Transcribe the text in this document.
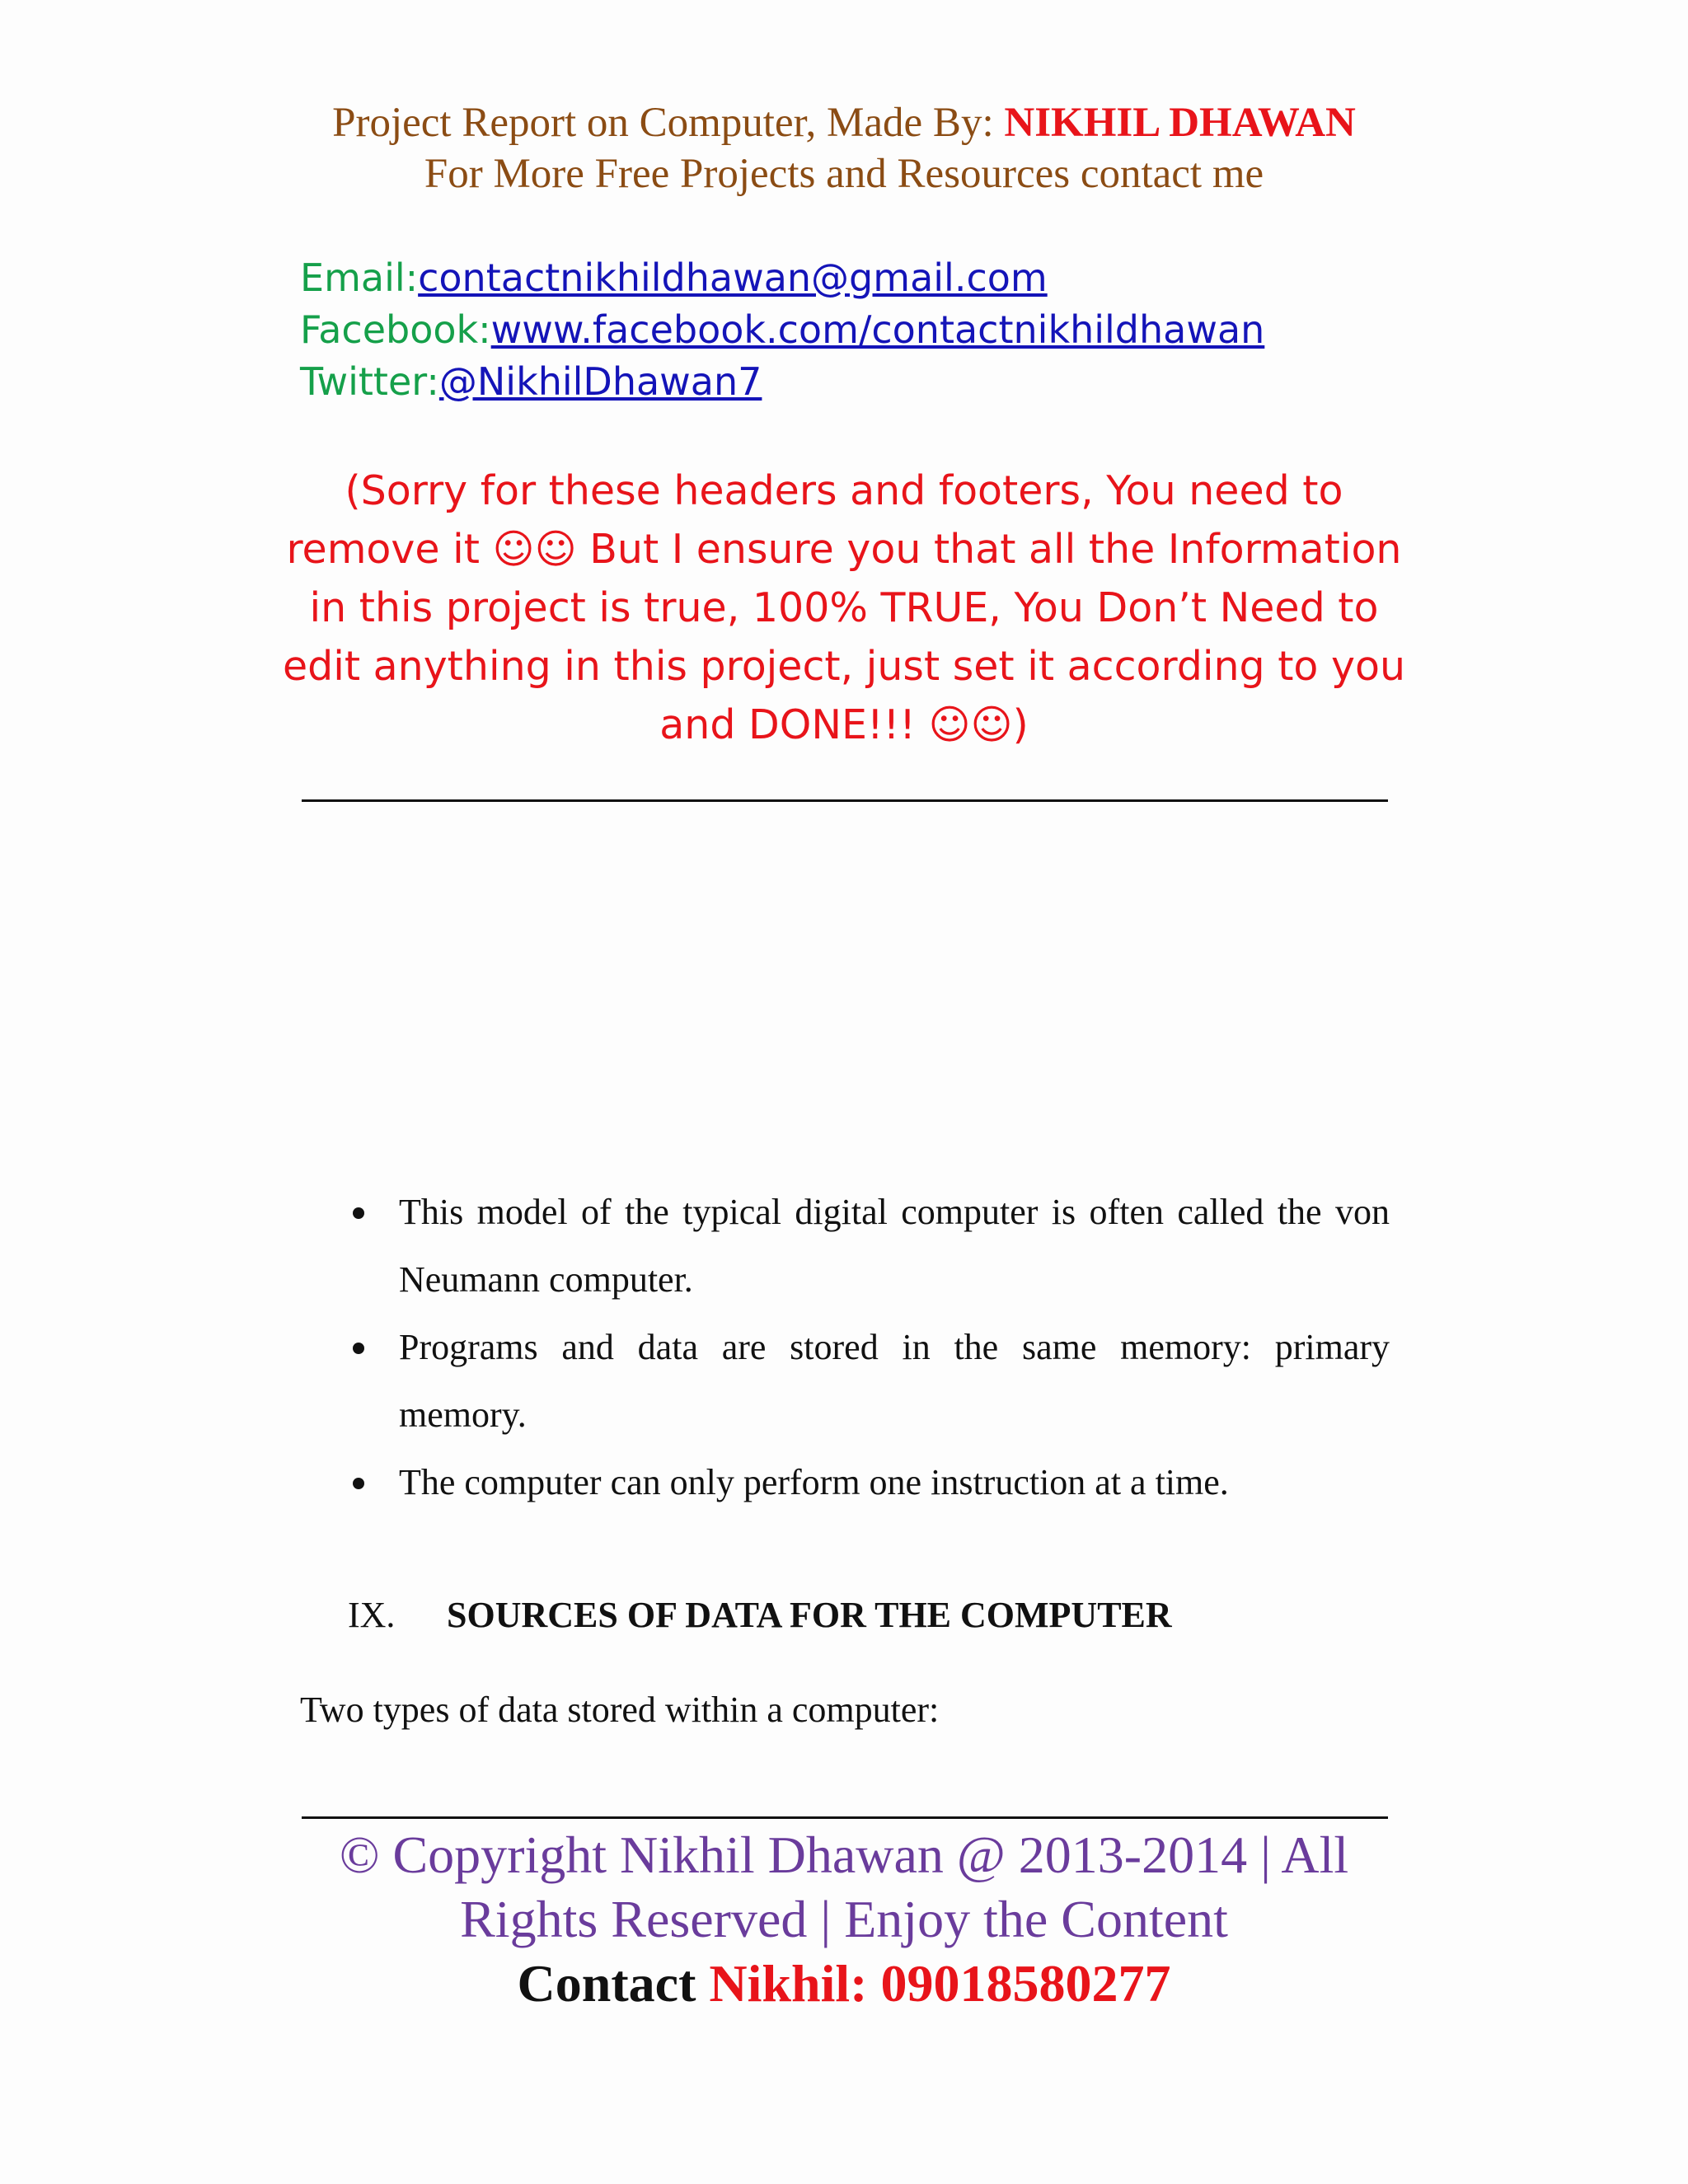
Project Report on Computer, Made By: NIKHIL DHAWAN
For More Free Projects and Resources contact me
Email:contactnikhildhawan@gmail.com
Facebook:www.facebook.com/contactnikhildhawan
Twitter:@NikhilDhawan7
(Sorry for these headers and footers, You need to remove it ☺☺ But I ensure you that all the Information in this project is true, 100% TRUE, You Don’t Need to edit anything in this project, just set it according to you and DONE!!! ☺☺)
This model of the typical digital computer is often called the von Neumann computer.
Programs and data are stored in the same memory: primary memory.
The computer can only perform one instruction at a time.
IX. SOURCES OF DATA FOR THE COMPUTER
Two types of data stored within a computer:
© Copyright Nikhil Dhawan @ 2013-2014 | All Rights Reserved | Enjoy the Content
Contact Nikhil: 09018580277
